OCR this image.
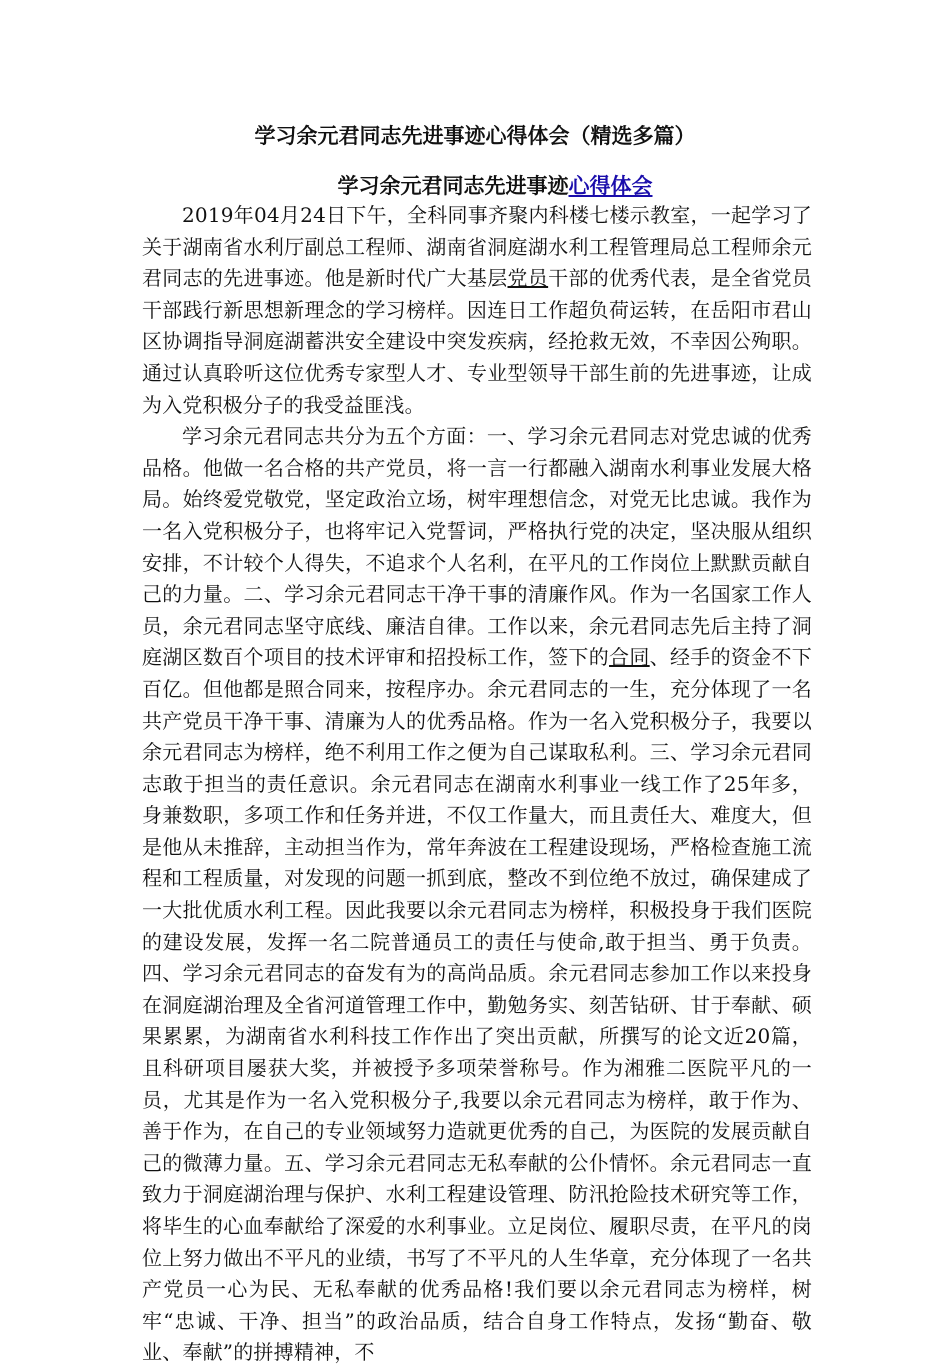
学习余元君同志先进事迹心得体会（精选多篇）
学习余元君同志先进事迹心得体会

2019年04月24日下午，全科同事齐聚内科楼七楼示教室，一起学习了关于湖南省水利厅副总工程师、湖南省洞庭湖水利工程管理局总工程师余元君同志的先进事迹。他是新时代广大基层党员干部的优秀代表，是全省党员干部践行新思想新理念的学习榜样。因连日工作超负荷运转，在岳阳市君山区协调指导洞庭湖蓄洪安全建设中突发疾病，经抢救无效，不幸因公殉职。通过认真聆听这位优秀专家型人才、专业型领导干部生前的先进事迹，让成为入党积极分子的我受益匪浅。

学习余元君同志共分为五个方面：一、学习余元君同志对党忠诚的优秀品格。他做一名合格的共产党员，将一言一行都融入湖南水利事业发展大格局。始终爱党敬党，坚定政治立场，树牢理想信念，对党无比忠诚。我作为一名入党积极分子，也将牢记入党誓词，严格执行党的决定，坚决服从组织安排，不计较个人得失，不追求个人名利，在平凡的工作岗位上默默贡献自己的力量。二、学习余元君同志干净干事的清廉作风。作为一名国家工作人员，余元君同志坚守底线、廉洁自律。工作以来，余元君同志先后主持了洞庭湖区数百个项目的技术评审和招投标工作，签下的合同、经手的资金不下百亿。但他都是照合同来，按程序办。余元君同志的一生，充分体现了一名共产党员干净干事、清廉为人的优秀品格。作为一名入党积极分子，我要以余元君同志为榜样，绝不利用工作之便为自己谋取私利。三、学习余元君同志敢于担当的责任意识。余元君同志在湖南水利事业一线工作了25年多，身兼数职，多项工作和任务并进，不仅工作量大，而且责任大、难度大，但是他从未推辞，主动担当作为，常年奔波在工程建设现场，严格检查施工流程和工程质量，对发现的问题一抓到底，整改不到位绝不放过，确保建成了一大批优质水利工程。因此我要以余元君同志为榜样，积极投身于我们医院的建设发展，发挥一名二院普通员工的责任与使命,敢于担当、勇于负责。四、学习余元君同志的奋发有为的高尚品质。余元君同志参加工作以来投身在洞庭湖治理及全省河道管理工作中，勤勉务实、刻苦钻研、甘于奉献、硕果累累，为湖南省水利科技工作作出了突出贡献，所撰写的论文近20篇，且科研项目屡获大奖，并被授予多项荣誉称号。作为湘雅二医院平凡的一员，尤其是作为一名入党积极分子,我要以余元君同志为榜样，敢于作为、善于作为，在自己的专业领域努力造就更优秀的自己，为医院的发展贡献自己的微薄力量。五、学习余元君同志无私奉献的公仆情怀。余元君同志一直致力于洞庭湖治理与保护、水利工程建设管理、防汛抢险技术研究等工作，将毕生的心血奉献给了深爱的水利事业。立足岗位、履职尽责，在平凡的岗位上努力做出不平凡的业绩，书写了不平凡的人生华章，充分体现了一名共产党员一心为民、无私奉献的优秀品格!我们要以余元君同志为榜样，树牢“忠诚、干净、担当”的政治品质，结合自身工作特点，发扬“勤奋、敬业、奉献”的拼搏精神，不
